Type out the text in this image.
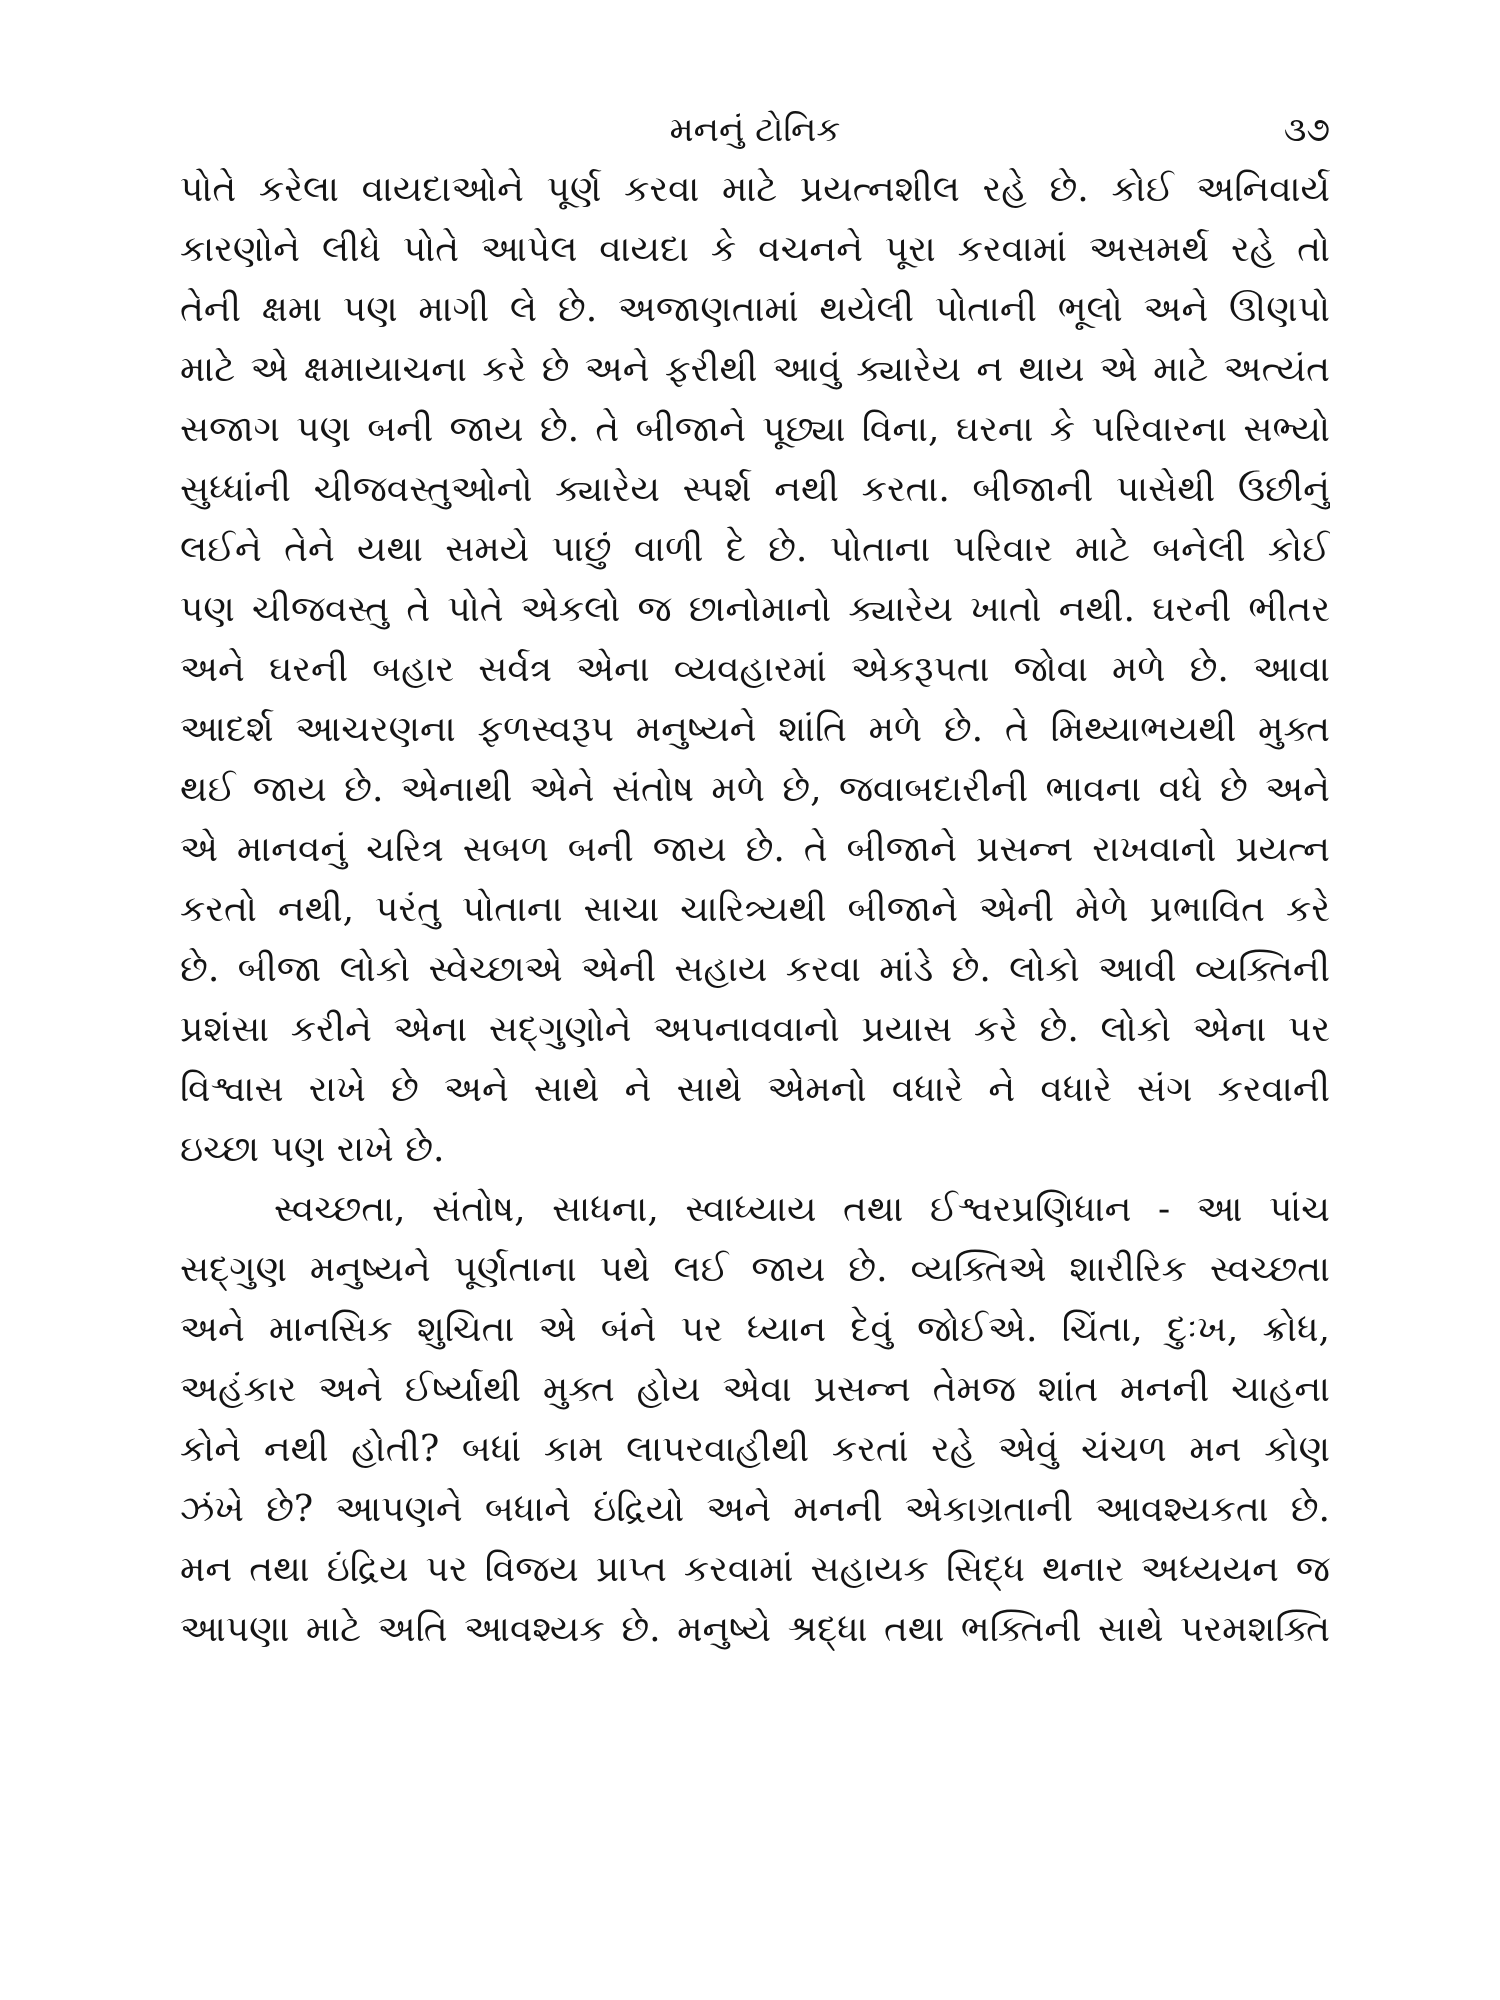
મનનું ટોનિક	૩૭
પોતે કરેલા વાયદાઓને પૂર્ણ કરવા માટે પ્રયત્નશીલ રહે છે. કોઈ અનિવાર્ય
કારણોને લીધે પોતે આપેલ વાયદા કે વચનને પૂરા કરવામાં અસમર્થ રહે તો
તેની ક્ષમા પણ માગી લે છે. અજાણતામાં થયેલી પોતાની ભૂલો અને ઊણપો
માટે એ ક્ષમાયાચના કરે છે અને ફરીથી આવું ક્યારેય ન થાય એ માટે અત્યંત
સજાગ પણ બની જાય છે. તે બીજાને પૂછ્યા વિના, ઘરના કે પરિવારના સભ્યો
સુધ્ધાંની ચીજવસ્તુઓનો ક્યારેય સ્પર્શ નથી કરતા. બીજાની પાસેથી ઉછીનું
લઈને તેને યથા સમયે પાછું વાળી દે છે. પોતાના પરિવાર માટે બનેલી કોઈ
પણ ચીજવસ્તુ તે પોતે એકલો જ છાનોમાનો ક્યારેય ખાતો નથી. ઘરની ભીતર
અને ઘરની બહાર સર્વત્ર એના વ્યવહારમાં એકરૂપતા જોવા મળે છે. આવા
આદર્શ આચરણના ફળસ્વરૂપ મનુષ્યને શાંતિ મળે છે. તે મિથ્યાભયથી મુક્ત
થઈ જાય છે. એનાથી એને સંતોષ મળે છે, જવાબદારીની ભાવના વધે છે અને
એ માનવનું ચરિત્ર સબળ બની જાય છે. તે બીજાને પ્રસન્ન રાખવાનો પ્રયત્ન
કરતો નથી, પરંતુ પોતાના સાચા ચારિત્ર્યથી બીજાને એની મેળે પ્રભાવિત કરે
છે. બીજા લોકો સ્વેચ્છાએ એની સહાય કરવા માંડે છે. લોકો આવી વ્યક્તિની
પ્રશંસા કરીને એના સદ્ગુણોને અપનાવવાનો પ્રયાસ કરે છે. લોકો એના પર
વિશ્વાસ રાખે છે અને સાથે ને સાથે એમનો વધારે ને વધારે સંગ કરવાની
ઇચ્છા પણ રાખે છે.
સ્વચ્છતા, સંતોષ, સાધના, સ્વાધ્યાય તથા ઈશ્વરપ્રણિધાન - આ પાંચ
સદ્ગુણ મનુષ્યને પૂર્ણતાના પથે લઈ જાય છે. વ્યક્તિએ શારીરિક સ્વચ્છતા
અને માનસિક શુચિતા એ બંને પર ધ્યાન દેવું જોઈએ. ચિંતા, દુઃખ, ક્રોધ,
અહંકાર અને ઈર્ષ્યાથી મુક્ત હોય એવા પ્રસન્ન તેમજ શાંત મનની ચાહના
કોને નથી હોતી? બધાં કામ લાપરવાહીથી કરતાં રહે એવું ચંચળ મન કોણ
ઝંખે છે? આપણને બધાને ઇંદ્રિયો અને મનની એકાગ્રતાની આવશ્યકતા છે.
મન તથા ઇંદ્રિય પર વિજય પ્રાપ્ત કરવામાં સહાયક સિદ્ધ થનાર અધ્યયન જ
આપણા માટે અતિ આવશ્યક છે. મનુષ્યે શ્રદ્ધા તથા ભક્તિની સાથે પરમશક્તિ
